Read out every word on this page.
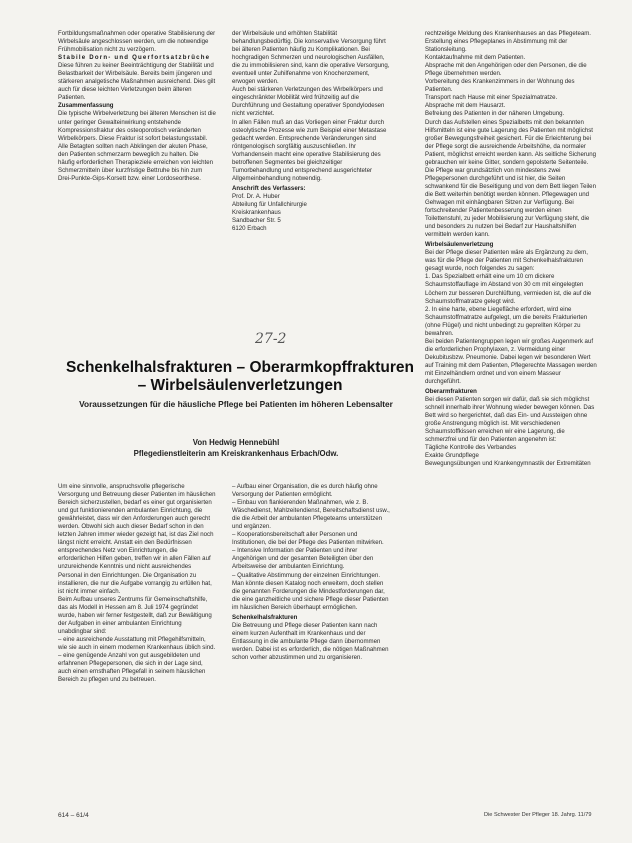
Fortbildungsmaßnahmen oder operative Stabilisierung der Wirbelsäule angeschlossen werden, um die notwendige Frühmobilisation nicht zu verzögern.

Stabile Dorn- und Querfortsatzbrüche

Diese führen zu keiner Beeinträchtigung der Stabilität und Belastbarkeit der Wirbelsäule. Bereits beim jüngeren und stärkeren analgetische Maßnahmen ausreichend. Dies gilt auch für diese leichten Verletzungen beim älteren Patienten.

Zusammenfassung

Die typische Wirbelverletzung bei älteren Menschen ist die unter geringer Gewalteinwirkung entstehende Kompressionsfraktur des osteoporotisch veränderten Wirbelkörpers. Diese Fraktur ist sofort belastungsstabil. Alle Betagten sollten nach Abklingen der akuten Phase, den Patienten schmerzarm beweglich zu halten. Die häufig erforderlichen Therapieziele erreichen von leichten Schmerzmitteln über kurzfristige Bettruhe bis hin zum Drei-Punkte-Gips-Korsett bzw. einer Lordoseorthese.

der Wirbelsäule und erhöhten Stabilität behandlungsbedürftig. Die konservative Versorgung führt bei älteren Patienten häufig zu Komplikationen. Bei hochgradigen Schmerzen und neurologischen Ausfällen, die zu immobilisieren sind, kann die operative Versorgung, eventuell unter Zuhilfenahme von Knochenzement, erwogen werden.

Auch bei stärkeren Verletzungen des Wirbelkörpers und eingeschränkter Mobilität wird frühzeitig auf die Durchführung und Gestaltung operativer Spondylodesen nicht verzichtet.

In allen Fällen muß an das Vorliegen einer Fraktur durch osteolytische Prozesse wie zum Beispiel einer Metastase gedacht werden. Entsprechende Veränderungen sind röntgenologisch sorgfältig auszuschließen. Ihr Vorhandensein macht eine operative Stabilisierung des betroffenen Segmentes bei gleichzeitiger Tumorbehandlung und entsprechend ausgerichteter Allgemeinbehandlung notwendig.

Anschrift des Verfassers:

Prof. Dr. A. Huber

Abteilung für Unfallchirurgie

Kreiskrankenhaus

Sandbacher Str. 5

6120 Erbach

rechtzeitige Meldung des Krankenhauses an das Pflegeteam.

Erstellung eines Pflegeplanes in Abstimmung mit der Stationsleitung.

Kontaktaufnahme mit dem Patienten.

Absprache mit den Angehörigen oder den Personen, die die Pflege übernehmen werden.

Vorbereitung des Krankenzimmers in der Wohnung des Patienten.

Transport nach Hause mit einer Spezialmatratze.

Absprache mit dem Hausarzt.

Befreiung des Patienten in der näheren Umgebung.

Durch das Aufstellen eines Spezialbetts mit den bekannten Hilfsmitteln ist eine gute Lagerung des Patienten mit möglichst großer Bewegungsfreiheit gesichert. Für die Erleichterung bei der Pflege sorgt die ausreichende Arbeitshöhe, da normaler Patient, möglichst erreicht werden kann. Als seitliche Sicherung gebrauchen wir keine Gitter, sondern gepolsterte Seitenteile.

Die Pflege war grundsätzlich von mindestens zwei Pflegepersonen durchgeführt und ist hier, die Seiten schwankend für die Beseitigung und von dem Bett liegen Teilen die Bett weiterhin benötigt werden können. Pflegewagen und Gehwagen mit einhängbaren Sitzen zur Verfügung. Bei fortschreitender Patientenbesserung werden einen Toilettenstuhl, zu jeder Mobilisierung zur Verfügung steht, die und besonders zu nutzen bei Bedarf zur Haushaltshilfen vermitteln werden kann.

Wirbelsäulenverletzung

Bei der Pflege dieser Patienten wäre als Ergänzung zu dem, was für die Pflege der Patienten mit Schenkelhalsfrakturen gesagt wurde, noch folgendes zu sagen:

1. Das Spezialbett erhält eine um 10 cm dickere Schaumstoffauflage im Abstand von 30 cm mit eingelegten Löchern zur besseren Durchlüftung, vermieden ist, die auf die Schaumstoffmatratze gelegt wird.

2. In eine harte, ebene Liegefläche erfordert, wird eine Schaumstoffmatratze aufgelegt, um die bereits Frakturierten (ohne Flügel) und nicht unbedingt zu geprellten Körper zu bewahren.

Bei beiden Patientengruppen legen wir großes Augenmerk auf die erforderlichen Prophylaxen, z. Vermeidung einer Dekubitusbzw. Pneumonie. Dabei legen wir besonderen Wert auf Training mit dem Patienten, Pflegerechte Massagen werden mit Einzelhändlern ordnet und von einem Masseur durchgeführt.

Oberarmfrakturen

Bei diesen Patienten sorgen wir dafür, daß sie sich möglichst schnell innerhalb ihrer Wohnung wieder bewegen können. Das Bett wird so hergerichtet, daß das Ein- und Aussteigen ohne große Anstrengung möglich ist. Mit verschiedenen Schaumstoffkissen erreichen wir eine Lagerung, die schmerzfrei und für den Patienten angenehm ist:

Tägliche Kontrolle des Verbandes

Exakte Grundpflege

Bewegungsübungen und Krankengymnastik der Extremitäten

27-2
Schenkelhalsfrakturen – Oberarmkopffrakturen – Wirbelsäulenverletzungen
Voraussetzungen für die häusliche Pflege bei Patienten im höheren Lebensalter
Von Hedwig Hennebühl
Pflegedienstleiterin am Kreiskrankenhaus Erbach/Odw.

Um eine sinnvolle, anspruchsvolle pflegerische Versorgung und Betreuung dieser Patienten im häuslichen Bereich sicherzustellen, bedarf es einer gut organisierten und gut funktionierenden ambulanten Einrichtung, die gewährleistet, dass wir den Anforderungen auch gerecht werden. Obwohl sich auch dieser Bedarf schon in den letzten Jahren immer wieder gezeigt hat, ist das Ziel noch längst nicht erreicht. Anstatt ein den Bedürfnissen entsprechendes Netz von Einrichtungen, die erforderlichen Hilfen geben, treffen wir in allen Fällen auf unzureichende Kenntnis und nicht ausreichendes Personal in den Einrichtungen. Die Organisation zu installieren, die nur die Aufgabe vorrangig zu erfüllen hat, ist nicht immer einfach.

Beim Aufbau unseres Zentrums für Gemeinschaftshilfe, das als Modell in Hessen am 8. Juli 1974 gegründet wurde, haben wir ferner festgestellt, daß zur Bewältigung der Aufgaben in einer ambulanten Einrichtung unabdingbar sind:

– eine ausreichende Ausstattung mit Pflegehilfsmitteln, wie sie auch in einem modernen Krankenhaus üblich sind.

– eine genügende Anzahl von gut ausgebildeten und erfahrenen Pflegepersonen, die sich in der Lage sind, auch einen ernsthaften Pflegefall in seinem häuslichen Bereich zu pflegen und zu betreuen.

– Aufbau einer Organisation, die es durch häufig ohne Versorgung der Patienten ermöglicht.

– Einbau von flankierenden Maßnahmen, wie z. B. Wäschedienst, Mahlzeitendienst, Bereitschaftsdienst usw., die die Arbeit der ambulanten Pflegeteams unterstützen und ergänzen.

– Kooperationsbereitschaft aller Personen und Institutionen, die bei der Pflege des Patienten mitwirken.

– Intensive Information der Patienten und ihrer Angehörigen und der gesamten Beteiligten über den Arbeitsweise der ambulanten Einrichtung.

– Qualitative Abstimmung der einzelnen Einrichtungen.

Man könnte diesen Katalog noch erweitern, doch stellen die genannten Forderungen die Mindestforderungen dar, die eine ganzheitliche und sichere Pflege dieser Patienten im häuslichen Bereich überhaupt ermöglichen.

Schenkelhalsfrakturen

Die Betreuung und Pflege dieser Patienten kann nach einem kurzen Aufenthalt im Krankenhaus und der Entlassung in die ambulante Pflege dann übernommen werden. Dabei ist es erforderlich, die nötigen Maßnahmen schon vorher abzustimmen und zu organisieren.

614 – 61/4	Die Schwester Der Pfleger 18. Jahrg. 11/79
